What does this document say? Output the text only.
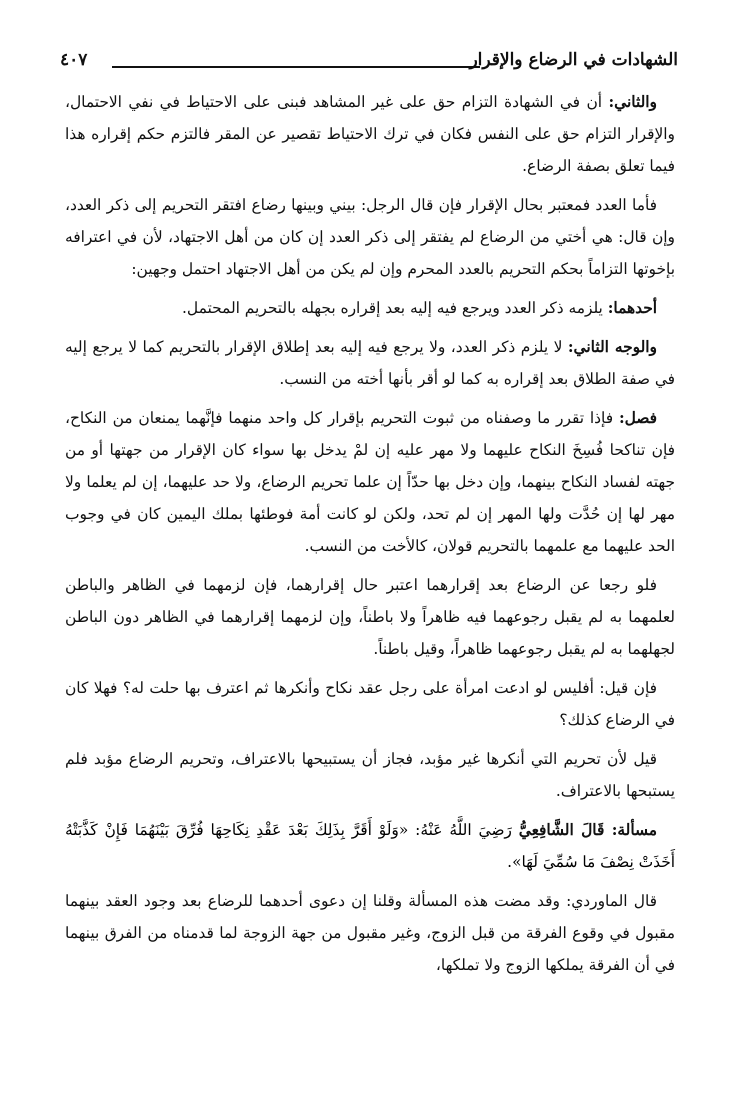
الشهادات في الرضاع والإقرار
٤٠٧

والثاني: أن في الشهادة التزام حق على غير المشاهد فبنى على الاحتياط في نفي الاحتمال، والإقرار التزام حق على النفس فكان في ترك الاحتياط تقصير عن المقر فالتزم حكم إقراره هذا فيما تعلق بصفة الرضاع.

فأما العدد فمعتبر بحال الإقرار فإن قال الرجل: بيني وبينها رضاع افتقر التحريم إلى ذكر العدد، وإن قال: هي أختي من الرضاع لم يفتقر إلى ذكر العدد إن كان من أهل الاجتهاد، لأن في اعترافه بإخوتها التزاماً بحكم التحريم بالعدد المحرم وإن لم يكن من أهل الاجتهاد احتمل وجهين:

أحدهما: يلزمه ذكر العدد ويرجع فيه إليه بعد إقراره بجهله بالتحريم المحتمل.

والوجه الثاني: لا يلزم ذكر العدد، ولا يرجع فيه إليه بعد إطلاق الإقرار بالتحريم كما لا يرجع إليه في صفة الطلاق بعد إقراره به كما لو أقر بأنها أخته من النسب.

فصل: فإذا تقرر ما وصفناه من ثبوت التحريم بإقرار كل واحد منهما فإنَّهما يمنعان من النكاح، فإن تناكحا فُسِخَ النكاح عليهما ولا مهر عليه إن لمْ يدخل بها سواء كان الإقرار من جهتها أو من جهته لفساد النكاح بينهما، وإن دخل بها حدّاً إن علما تحريم الرضاع، ولا حد عليهما، إن لم يعلما ولا مهر لها إن حُدَّت ولها المهر إن لم تحد، ولكن لو كانت أمة فوطئها بملك اليمين كان في وجوب الحد عليهما مع علمهما بالتحريم قولان، كالأخت من النسب.

فلو رجعا عن الرضاع بعد إقرارهما اعتبر حال إقرارهما، فإن لزمهما في الظاهر والباطن لعلمهما به لم يقبل رجوعهما فيه ظاهراً ولا باطناً، وإن لزمهما إقرارهما في الظاهر دون الباطن لجهلهما به لم يقبل رجوعهما ظاهراً، وقيل باطناً.

فإن قيل: أفليس لو ادعت امرأة على رجل عقد نكاح وأنكرها ثم اعترف بها حلت له؟ فهلا كان في الرضاع كذلك؟

قيل لأن تحريم التي أنكرها غير مؤبد، فجاز أن يستبيحها بالاعتراف، وتحريم الرضاع مؤبد فلم يستبحها بالاعتراف.

مسألة: قَالَ الشَّافِعِيُّ رَضِيَ اللَّهُ عَنْهُ: «وَلَوْ أَقَرَّ بِذَلِكَ بَعْدَ عَقْدِ نِكَاحِهَا فُرِّقَ بَيْنَهُمَا فَإِنْ كَذَّبَتْهُ أَخَذَتْ نِصْفَ مَا سُمِّيَ لَهَا».

قال الماوردي: وقد مضت هذه المسألة وقلنا إن دعوى أحدهما للرضاع بعد وجود العقد بينهما مقبول في وقوع الفرقة من قبل الزوج، وغير مقبول من جهة الزوجة لما قدمناه من الفرق بينهما في أن الفرقة يملكها الزوج ولا تملكها،
